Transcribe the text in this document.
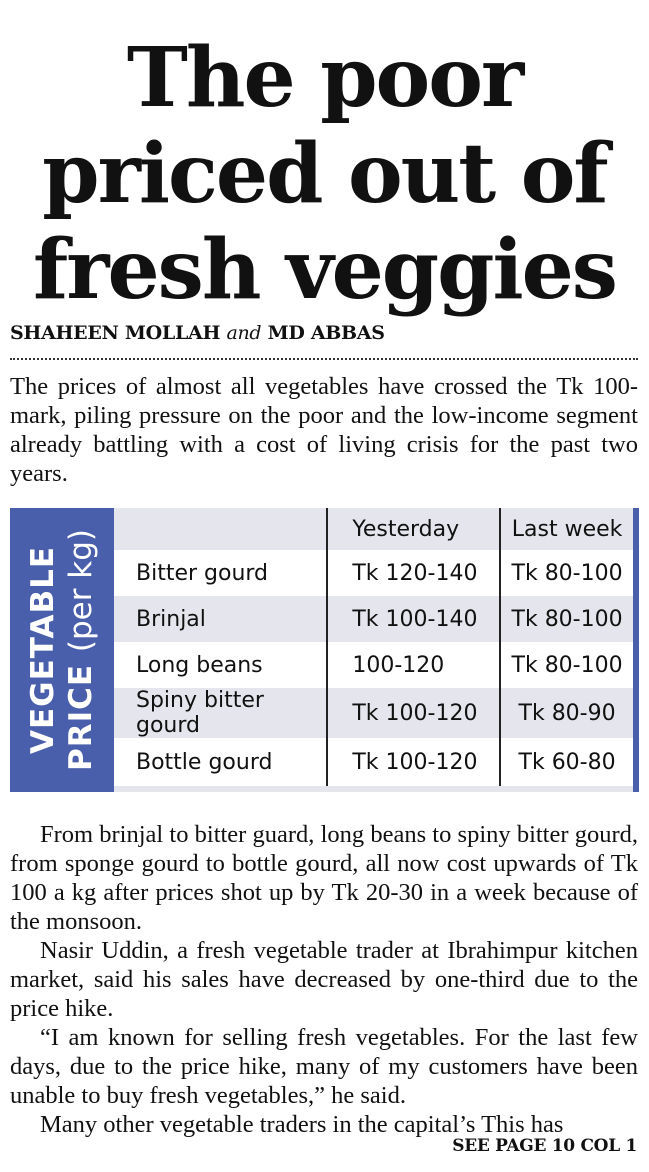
The poor
priced out of
fresh veggies
SHAHEEN MOLLAH and MD ABBAS

The prices of almost all vegetables have crossed the Tk 100-mark, piling pressure on the poor and the low-income segment already battling with a cost of living crisis for the past two years.

VEGETABLE PRICE (per kg)
		Yesterday	Last week
Bitter gourd	Tk 120-140	Tk 80-100
Brinjal	Tk 100-140	Tk 80-100
Long beans	100-120	Tk 80-100
Spiny bitter gourd	Tk 100-120	Tk 80-90
Bottle gourd	Tk 100-120	Tk 60-80

From brinjal to bitter guard, long beans to spiny bitter gourd, from sponge gourd to bottle gourd, all now cost upwards of Tk 100 a kg after prices shot up by Tk 20-30 in a week because of the monsoon.

Nasir Uddin, a fresh vegetable trader at Ibrahimpur kitchen market, said his sales have decreased by one-third due to the price hike.

“I am known for selling fresh vegetables. For the last few days, due to the price hike, many of my customers have been unable to buy fresh vegetables,” he said.

Many other vegetable traders in the capital’s This has

SEE PAGE 10 COL 1
